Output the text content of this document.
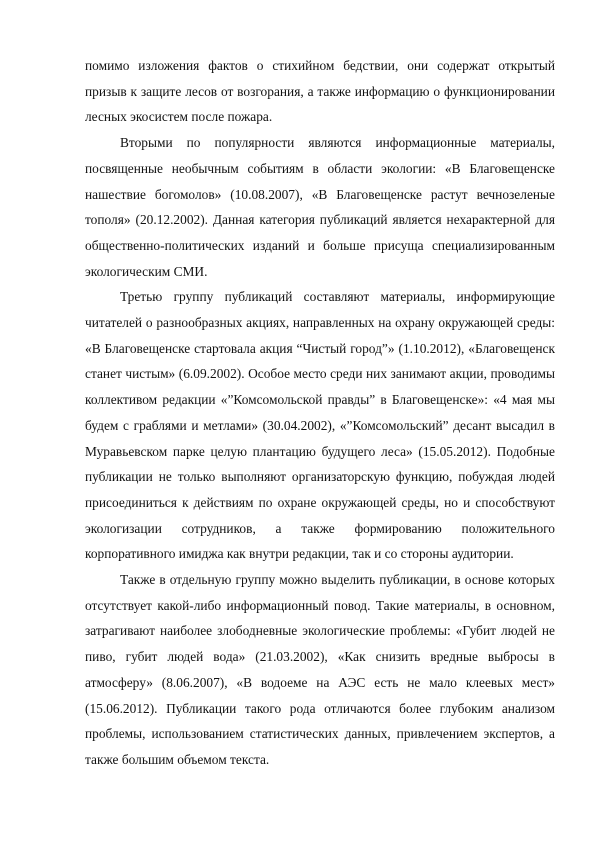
помимо изложения фактов о стихийном бедствии, они содержат открытый призыв к защите лесов от возгорания, а также информацию о функционировании лесных экосистем после пожара.

Вторыми по популярности являются информационные материалы, посвященные необычным событиям в области экологии: «В Благовещенске нашествие богомолов» (10.08.2007), «В Благовещенске растут вечнозеленые тополя» (20.12.2002). Данная категория публикаций является нехарактерной для общественно-политических изданий и больше присуща специализированным экологическим СМИ.

Третью группу публикаций составляют материалы, информирующие читателей о разнообразных акциях, направленных на охрану окружающей среды: «В Благовещенске стартовала акция “Чистый город”» (1.10.2012), «Благовещенск станет чистым» (6.09.2002). Особое место среди них занимают акции, проводимы коллективом редакции «”Комсомольской правды” в Благовещенске»: «4 мая мы будем с граблями и метлами» (30.04.2002), «”Комсомольский” десант высадил в Муравьевском парке целую плантацию будущего леса» (15.05.2012). Подобные публикации не только выполняют организаторскую функцию, побуждая людей присоединиться к действиям по охране окружающей среды, но и способствуют экологизации сотрудников, а также формированию положительного корпоративного имиджа как внутри редакции, так и со стороны аудитории.

Также в отдельную группу можно выделить публикации, в основе которых отсутствует какой-либо информационный повод. Такие материалы, в основном, затрагивают наиболее злободневные экологические проблемы: «Губит людей не пиво, губит людей вода» (21.03.2002), «Как снизить вредные выбросы в атмосферу» (8.06.2007), «В водоеме на АЭС есть не мало клеевых мест» (15.06.2012). Публикации такого рода отличаются более глубоким анализом проблемы, использованием статистических данных, привлечением экспертов, а также большим объемом текста.
